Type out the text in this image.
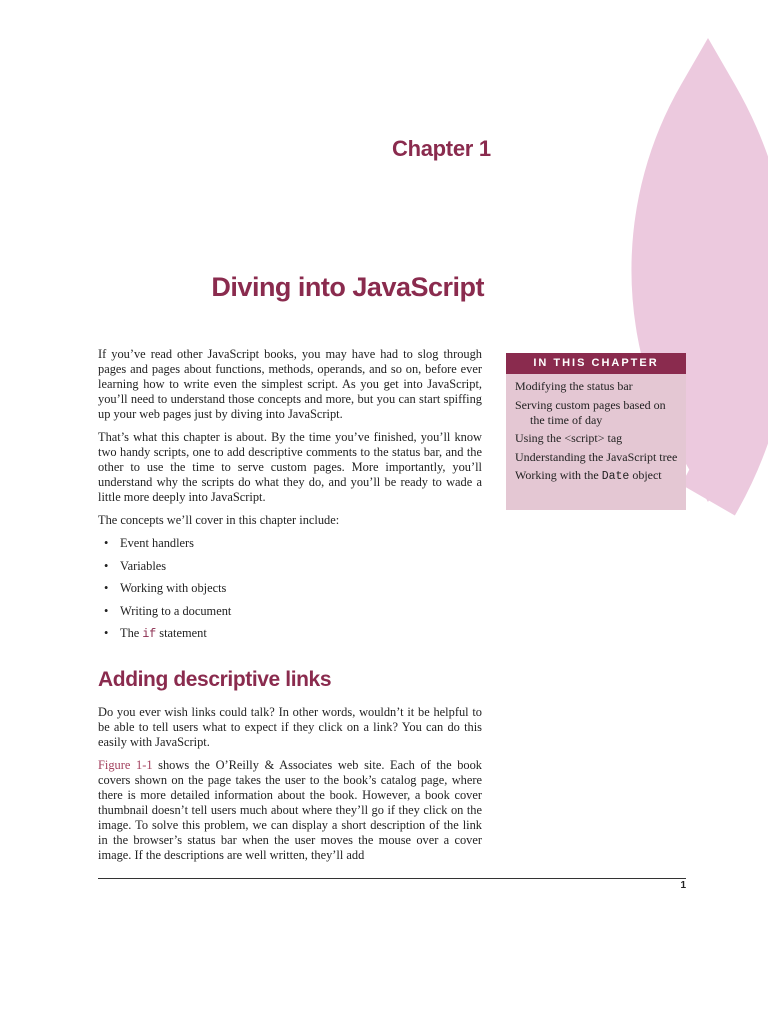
Chapter 1
Diving into JavaScript

If you’ve read other JavaScript books, you may have had to slog through pages and pages about functions, methods, operands, and so on, before ever learning how to write even the simplest script. As you get into JavaScript, you’ll need to understand those concepts and more, but you can start spiffing up your web pages just by diving into JavaScript.

That’s what this chapter is about. By the time you’ve finished, you’ll know two handy scripts, one to add descriptive comments to the status bar, and the other to use the time to serve custom pages. More importantly, you’ll understand why the scripts do what they do, and you’ll be ready to wade a little more deeply into JavaScript.

The concepts we’ll cover in this chapter include:

• Event handlers
• Variables
• Working with objects
• Writing to a document
• The if statement
Adding descriptive links

Do you ever wish links could talk? In other words, wouldn’t it be helpful to be able to tell users what to expect if they click on a link? You can do this easily with JavaScript.

Figure 1-1 shows the O’Reilly & Associates web site. Each of the book covers shown on the page takes the user to the book’s catalog page, where there is more detailed information about the book. However, a book cover thumbnail doesn’t tell users much about where they’ll go if they click on the image. To solve this problem, we can display a short description of the link in the browser’s status bar when the user moves the mouse over a cover image. If the descriptions are well written, they’ll add

IN THIS CHAPTER
Modifying the status bar
Serving custom pages based on the time of day
Using the <script> tag
Understanding the JavaScript tree
Working with the Date object
1
